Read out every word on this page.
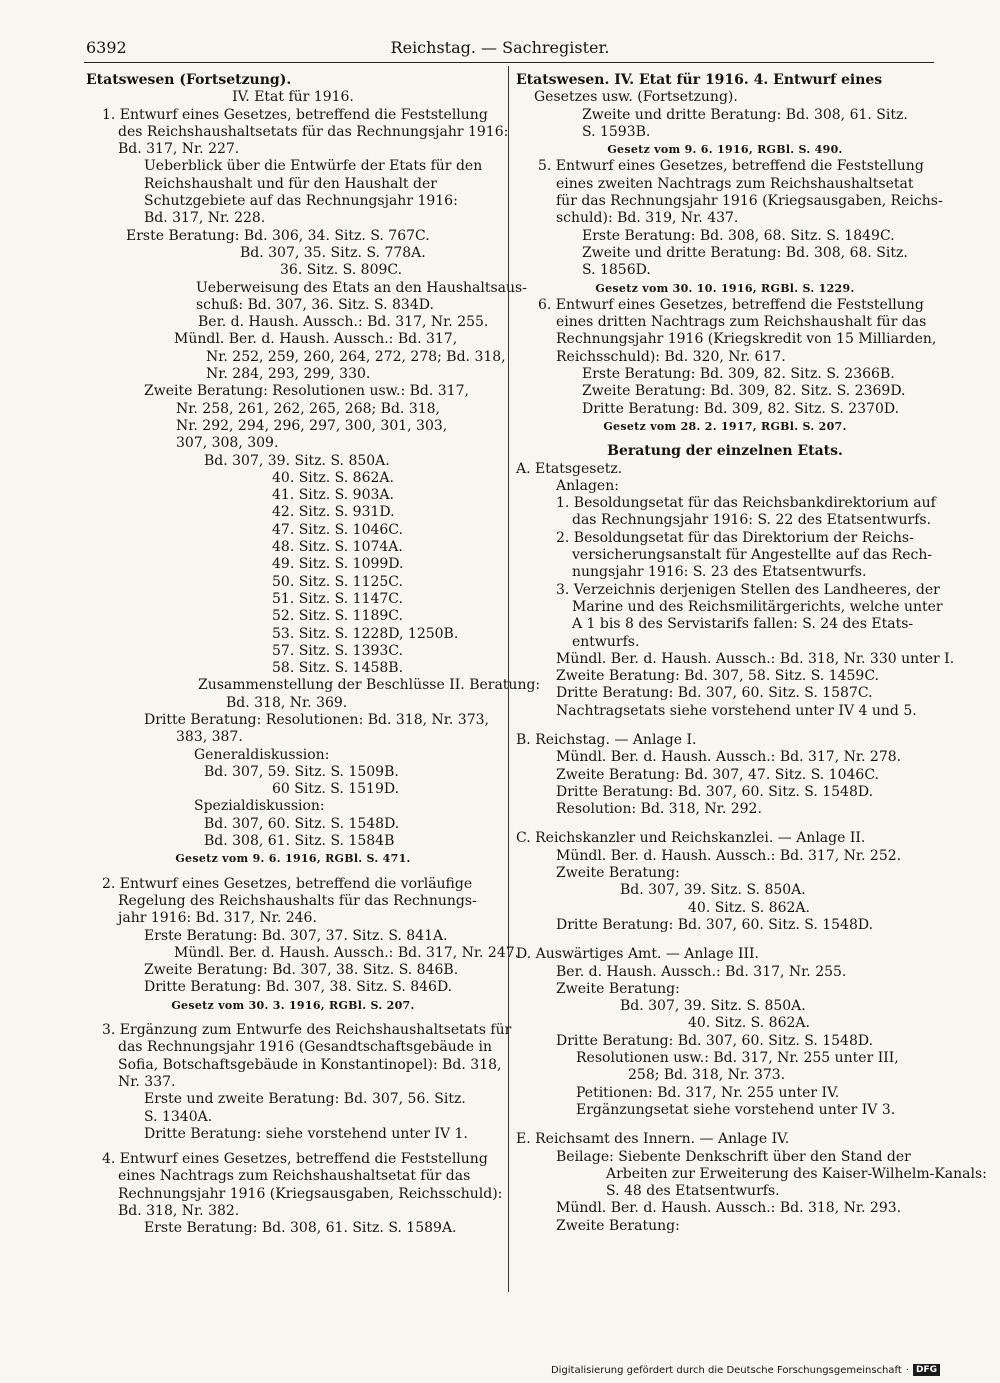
6392	Reichstag. — Sachregister.
Etatswesen (Fortsetzung).
IV. Etat für 1916.
1. Entwurf eines Gesetzes, betreffend die Feststellung
des Reichshaushaltsetats für das Rechnungsjahr 1916:
Bd. 317, Nr. 227.
Ueberblick über die Entwürfe der Etats für den
Reichshaushalt und für den Haushalt der
Schutzgebiete auf das Rechnungsjahr 1916:
Bd. 317, Nr. 228.
Erste Beratung: Bd. 306, 34. Sitz. S. 767C.
Bd. 307, 35. Sitz. S. 778A.
36. Sitz. S. 809C.
Ueberweisung des Etats an den Haushaltsaus-
schuß: Bd. 307, 36. Sitz. S. 834D.
Ber. d. Haush. Aussch.: Bd. 317, Nr. 255.
Mündl. Ber. d. Haush. Aussch.: Bd. 317,
Nr. 252, 259, 260, 264, 272, 278; Bd. 318,
Nr. 284, 293, 299, 330.
Zweite Beratung: Resolutionen usw.: Bd. 317,
Nr. 258, 261, 262, 265, 268; Bd. 318,
Nr. 292, 294, 296, 297, 300, 301, 303,
307, 308, 309.
Bd. 307, 39. Sitz. S. 850A.
40. Sitz. S. 862A.
41. Sitz. S. 903A.
42. Sitz. S. 931D.
47. Sitz. S. 1046C.
48. Sitz. S. 1074A.
49. Sitz. S. 1099D.
50. Sitz. S. 1125C.
51. Sitz. S. 1147C.
52. Sitz. S. 1189C.
53. Sitz. S. 1228D, 1250B.
57. Sitz. S. 1393C.
58. Sitz. S. 1458B.
Zusammenstellung der Beschlüsse II. Beratung:
Bd. 318, Nr. 369.
Dritte Beratung: Resolutionen: Bd. 318, Nr. 373,
383, 387.
Generaldiskussion:
Bd. 307, 59. Sitz. S. 1509B.
60 Sitz. S. 1519D.
Spezialdiskussion:
Bd. 307, 60. Sitz. S. 1548D.
Bd. 308, 61. Sitz. S. 1584B
Gesetz vom 9. 6. 1916, RGBl. S. 471.
2. Entwurf eines Gesetzes, betreffend die vorläufige
Regelung des Reichshaushalts für das Rechnungs-
jahr 1916: Bd. 317, Nr. 246.
Erste Beratung: Bd. 307, 37. Sitz. S. 841A.
Mündl. Ber. d. Haush. Aussch.: Bd. 317, Nr. 247.
Zweite Beratung: Bd. 307, 38. Sitz. S. 846B.
Dritte Beratung: Bd. 307, 38. Sitz. S. 846D.
Gesetz vom 30. 3. 1916, RGBl. S. 207.
3. Ergänzung zum Entwurfe des Reichshaushaltsetats für
das Rechnungsjahr 1916 (Gesandtschaftsgebäude in
Sofia, Botschaftsgebäude in Konstantinopel): Bd. 318,
Nr. 337.
Erste und zweite Beratung: Bd. 307, 56. Sitz.
S. 1340A.
Dritte Beratung: siehe vorstehend unter IV 1.
4. Entwurf eines Gesetzes, betreffend die Feststellung
eines Nachtrags zum Reichshaushaltsetat für das
Rechnungsjahr 1916 (Kriegsausgaben, Reichsschuld):
Bd. 318, Nr. 382.
Erste Beratung: Bd. 308, 61. Sitz. S. 1589A.
Etatswesen. IV. Etat für 1916. 4. Entwurf eines
Gesetzes usw. (Fortsetzung).
Zweite und dritte Beratung: Bd. 308, 61. Sitz.
S. 1593B.
Gesetz vom 9. 6. 1916, RGBl. S. 490.
5. Entwurf eines Gesetzes, betreffend die Feststellung
eines zweiten Nachtrags zum Reichshaushaltsetat
für das Rechnungsjahr 1916 (Kriegsausgaben, Reichs-
schuld): Bd. 319, Nr. 437.
Erste Beratung: Bd. 308, 68. Sitz. S. 1849C.
Zweite und dritte Beratung: Bd. 308, 68. Sitz.
S. 1856D.
Gesetz vom 30. 10. 1916, RGBl. S. 1229.
6. Entwurf eines Gesetzes, betreffend die Feststellung
eines dritten Nachtrags zum Reichshaushalt für das
Rechnungsjahr 1916 (Kriegskredit von 15 Milliarden,
Reichsschuld): Bd. 320, Nr. 617.
Erste Beratung: Bd. 309, 82. Sitz. S. 2366B.
Zweite Beratung: Bd. 309, 82. Sitz. S. 2369D.
Dritte Beratung: Bd. 309, 82. Sitz. S. 2370D.
Gesetz vom 28. 2. 1917, RGBl. S. 207.
Beratung der einzelnen Etats.
A. Etatsgesetz.
Anlagen:
1. Besoldungsetat für das Reichsbankdirektorium auf
das Rechnungsjahr 1916: S. 22 des Etatsentwurfs.
2. Besoldungsetat für das Direktorium der Reichs-
versicherungsanstalt für Angestellte auf das Rech-
nungsjahr 1916: S. 23 des Etatsentwurfs.
3. Verzeichnis derjenigen Stellen des Landheeres, der
Marine und des Reichsmilitärgerichts, welche unter
A 1 bis 8 des Servistarifs fallen: S. 24 des Etats-
entwurfs.
Mündl. Ber. d. Haush. Aussch.: Bd. 318, Nr. 330 unter I.
Zweite Beratung: Bd. 307, 58. Sitz. S. 1459C.
Dritte Beratung: Bd. 307, 60. Sitz. S. 1587C.
Nachtragsetats siehe vorstehend unter IV 4 und 5.
B. Reichstag. — Anlage I.
Mündl. Ber. d. Haush. Aussch.: Bd. 317, Nr. 278.
Zweite Beratung: Bd. 307, 47. Sitz. S. 1046C.
Dritte Beratung: Bd. 307, 60. Sitz. S. 1548D.
Resolution: Bd. 318, Nr. 292.
C. Reichskanzler und Reichskanzlei. — Anlage II.
Mündl. Ber. d. Haush. Aussch.: Bd. 317, Nr. 252.
Zweite Beratung:
Bd. 307, 39. Sitz. S. 850A.
40. Sitz. S. 862A.
Dritte Beratung: Bd. 307, 60. Sitz. S. 1548D.
D. Auswärtiges Amt. — Anlage III.
Ber. d. Haush. Aussch.: Bd. 317, Nr. 255.
Zweite Beratung:
Bd. 307, 39. Sitz. S. 850A.
40. Sitz. S. 862A.
Dritte Beratung: Bd. 307, 60. Sitz. S. 1548D.
Resolutionen usw.: Bd. 317, Nr. 255 unter III,
258; Bd. 318, Nr. 373.
Petitionen: Bd. 317, Nr. 255 unter IV.
Ergänzungsetat siehe vorstehend unter IV 3.
E. Reichsamt des Innern. — Anlage IV.
Beilage: Siebente Denkschrift über den Stand der
Arbeiten zur Erweiterung des Kaiser-Wilhelm-Kanals:
S. 48 des Etatsentwurfs.
Mündl. Ber. d. Haush. Aussch.: Bd. 318, Nr. 293.
Zweite Beratung:
Digitalisierung gefördert durch die Deutsche Forschungsgemeinschaft · DFG
